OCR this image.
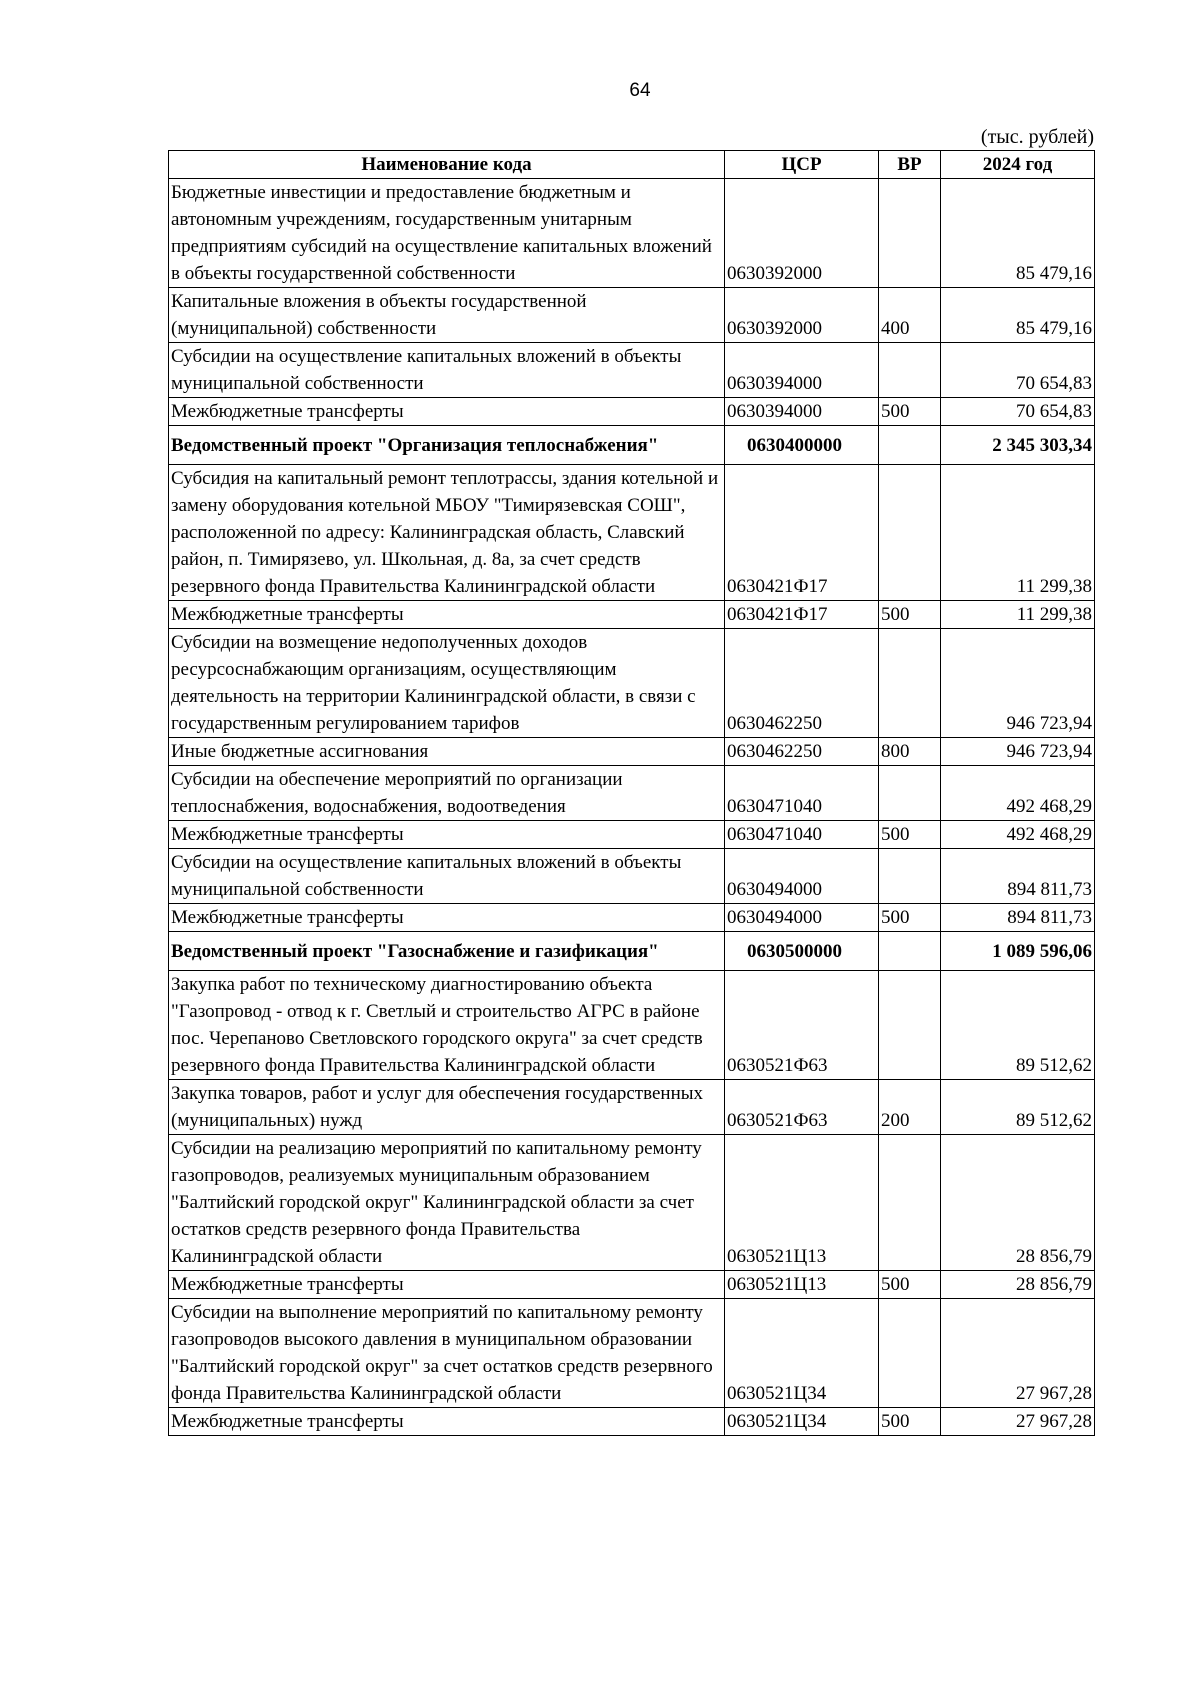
64
(тыс. рублей)
Наименование кода	ЦСР	ВР	2024 год
Бюджетные инвестиции и предоставление бюджетным и автономным учреждениям, государственным унитарным предприятиям субсидий на осуществление капитальных вложений в объекты государственной собственности	0630392000		85 479,16
Капитальные вложения в объекты государственной (муниципальной) собственности	0630392000	400	85 479,16
Субсидии на осуществление капитальных вложений в объекты муниципальной собственности	0630394000		70 654,83
Межбюджетные трансферты	0630394000	500	70 654,83
Ведомственный проект "Организация теплоснабжения"	0630400000		2 345 303,34
Субсидия на капитальный ремонт теплотрассы, здания котельной и замену оборудования котельной МБОУ "Тимирязевская СОШ", расположенной по адресу: Калининградская область, Славский район, п. Тимирязево, ул. Школьная, д. 8а, за счет средств резервного фонда Правительства Калининградской области	0630421Ф17		11 299,38
Межбюджетные трансферты	0630421Ф17	500	11 299,38
Субсидии на возмещение недополученных доходов ресурсоснабжающим организациям, осуществляющим деятельность на территории Калининградской области, в связи с государственным регулированием тарифов	0630462250		946 723,94
Иные бюджетные ассигнования	0630462250	800	946 723,94
Субсидии на обеспечение мероприятий по организации теплоснабжения, водоснабжения, водоотведения	0630471040		492 468,29
Межбюджетные трансферты	0630471040	500	492 468,29
Субсидии на осуществление капитальных вложений в объекты муниципальной собственности	0630494000		894 811,73
Межбюджетные трансферты	0630494000	500	894 811,73
Ведомственный проект "Газоснабжение и газификация"	0630500000		1 089 596,06
Закупка работ по техническому диагностированию объекта "Газопровод - отвод к г. Светлый и строительство АГРС в районе пос. Черепаново Светловского городского округа" за счет средств резервного фонда Правительства Калининградской области	0630521Ф63		89 512,62
Закупка товаров, работ и услуг для обеспечения государственных (муниципальных) нужд	0630521Ф63	200	89 512,62
Субсидии на реализацию мероприятий по капитальному ремонту газопроводов, реализуемых муниципальным образованием "Балтийский городской округ" Калининградской области за счет остатков средств резервного фонда Правительства Калининградской области	0630521Ц13		28 856,79
Межбюджетные трансферты	0630521Ц13	500	28 856,79
Субсидии на выполнение мероприятий по капитальному ремонту газопроводов высокого давления в муниципальном образовании "Балтийский городской округ" за счет остатков средств резервного фонда Правительства Калининградской области	0630521Ц34		27 967,28
Межбюджетные трансферты	0630521Ц34	500	27 967,28
